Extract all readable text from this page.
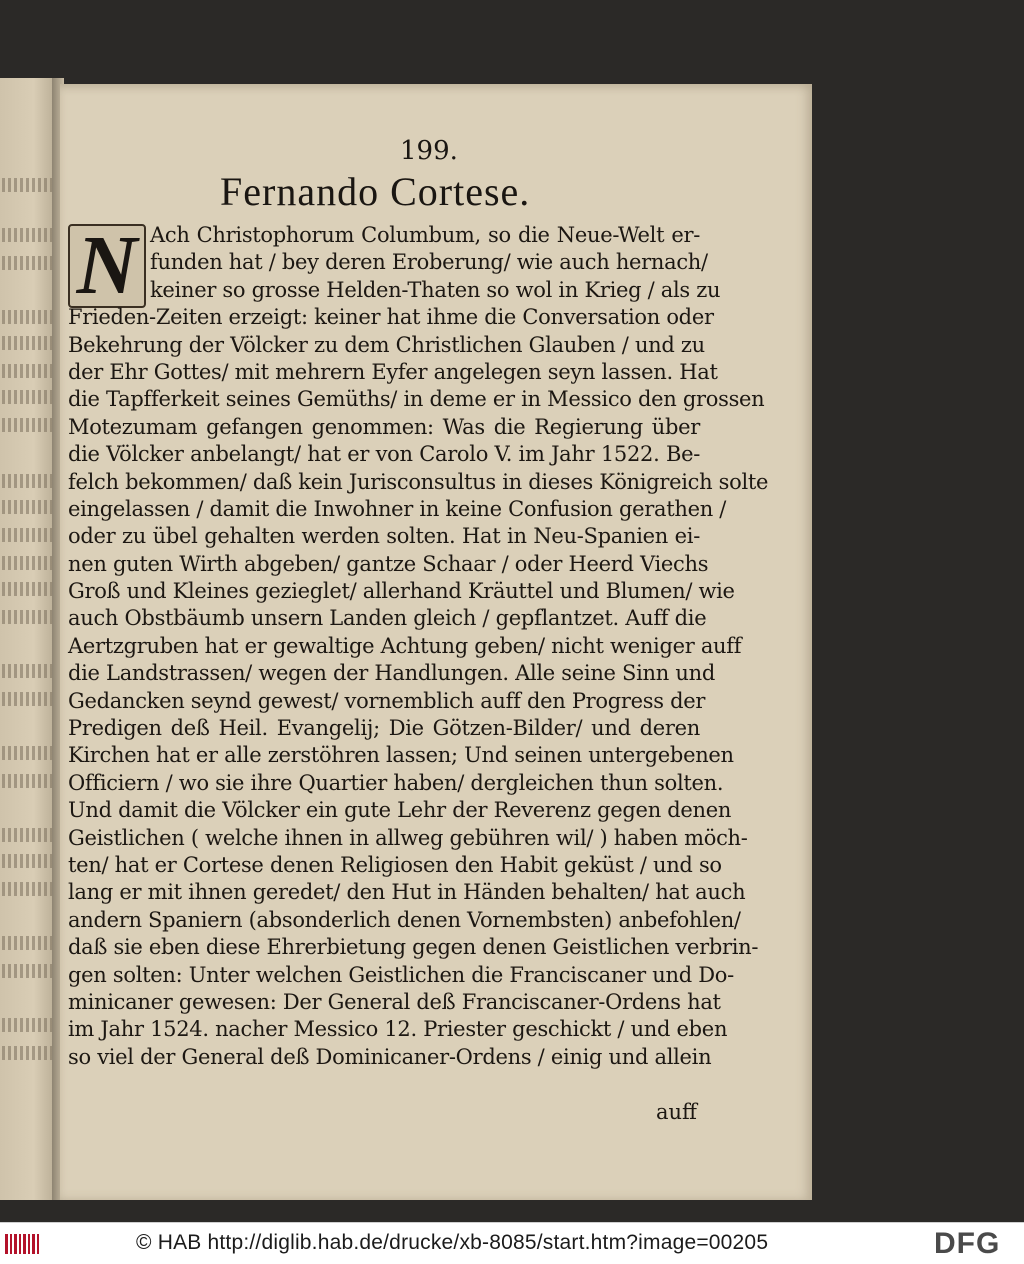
199.
Fernando Cortese.
N Ach Christophorum Columbum, so die Neue-Welt er-
funden hat / bey deren Eroberung/ wie auch hernach/
keiner so grosse Helden-Thaten so wol in Krieg / als zu
Frieden-Zeiten erzeigt: keiner hat ihme die Conversation oder
Bekehrung der Völcker zu dem Christlichen Glauben / und zu
der Ehr Gottes/ mit mehrern Eyfer angelegen seyn lassen. Hat
die Tapfferkeit seines Gemüths/ in deme er in Messico den grossen
Motezumam gefangen genommen: Was die Regierung über
die Völcker anbelangt/ hat er von Carolo V. im Jahr 1522. Be-
felch bekommen/ daß kein Jurisconsultus in dieses Königreich solte
eingelassen / damit die Inwohner in keine Confusion gerathen /
oder zu übel gehalten werden solten. Hat in Neu-Spanien ei-
nen guten Wirth abgeben/ gantze Schaar / oder Heerd Viechs
Groß und Kleines gezieglet/ allerhand Kräuttel und Blumen/ wie
auch Obstbäumb unsern Landen gleich / gepflantzet. Auff die
Aertzgruben hat er gewaltige Achtung geben/ nicht weniger auff
die Landstrassen/ wegen der Handlungen. Alle seine Sinn und
Gedancken seynd gewest/ vornemblich auff den Progress der
Predigen deß Heil. Evangelij; Die Götzen-Bilder/ und deren
Kirchen hat er alle zerstöhren lassen; Und seinen untergebenen
Officiern / wo sie ihre Quartier haben/ dergleichen thun solten.
Und damit die Völcker ein gute Lehr der Reverenz gegen denen
Geistlichen ( welche ihnen in allweg gebühren wil/ ) haben möch-
ten/ hat er Cortese denen Religiosen den Habit geküst / und so
lang er mit ihnen geredet/ den Hut in Händen behalten/ hat auch
andern Spaniern (absonderlich denen Vornembsten) anbefohlen/
daß sie eben diese Ehrerbietung gegen denen Geistlichen verbrin-
gen solten: Unter welchen Geistlichen die Franciscaner und Do-
minicaner gewesen: Der General deß Franciscaner-Ordens hat
im Jahr 1524. nacher Messico 12. Priester geschickt / und eben
so viel der General deß Dominicaner-Ordens / einig und allein
auff
© HAB http://diglib.hab.de/drucke/xb-8085/start.htm?image=00205	DFG
